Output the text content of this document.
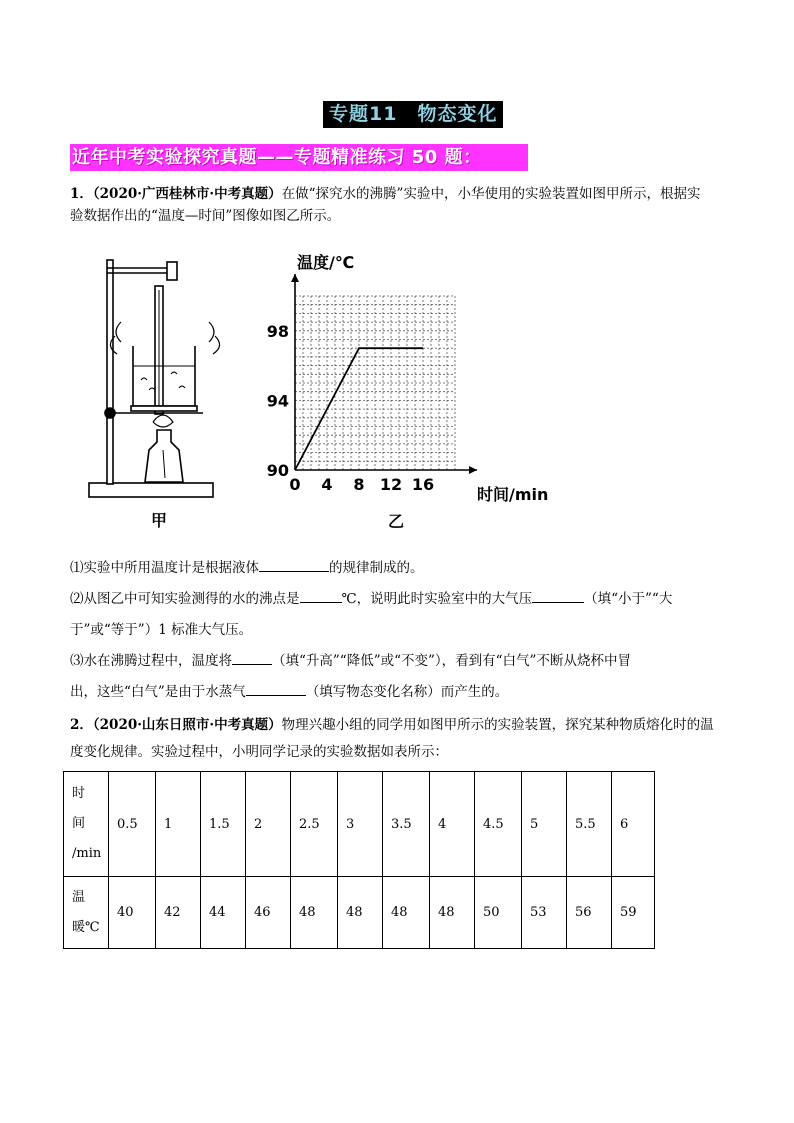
专题11　物态变化
近年中考实验探究真题——专题精准练习 50 题：
1．（2020·广西桂林市·中考真题）在做“探究水的沸腾”实验中，小华使用的实验装置如图甲所示，根据实
验数据作出的“温度—时间”图像如图乙所示。
甲
0 4 8 12 16
90
94
98
温度/℃
时间/min
乙
⑴实验中所用温度计是根据液体	的规律制成的。
⑵从图乙中可知实验测得的水的沸点是	℃，说明此时实验室中的大气压	（填“小于”“大
于”或“等于”）1 标准大气压。
⑶水在沸腾过程中，温度将	（填“升高”“降低”或“不变”），看到有“白气”不断从烧杯中冒
出，这些“白气”是由于水蒸气	（填写物态变化名称）而产生的。
2．（2020·山东日照市·中考真题）物理兴趣小组的同学用如图甲所示的实验装置，探究某种物质熔化时的温
度变化规律。实验过程中，小明同学记录的实验数据如表所示：
时
间
/min	0.5	1	1.5	2	2.5	3	3.5	4	4.5	5	5.5	6
温
暖℃	40	42	44	46	48	48	48	48	50	53	56	59
